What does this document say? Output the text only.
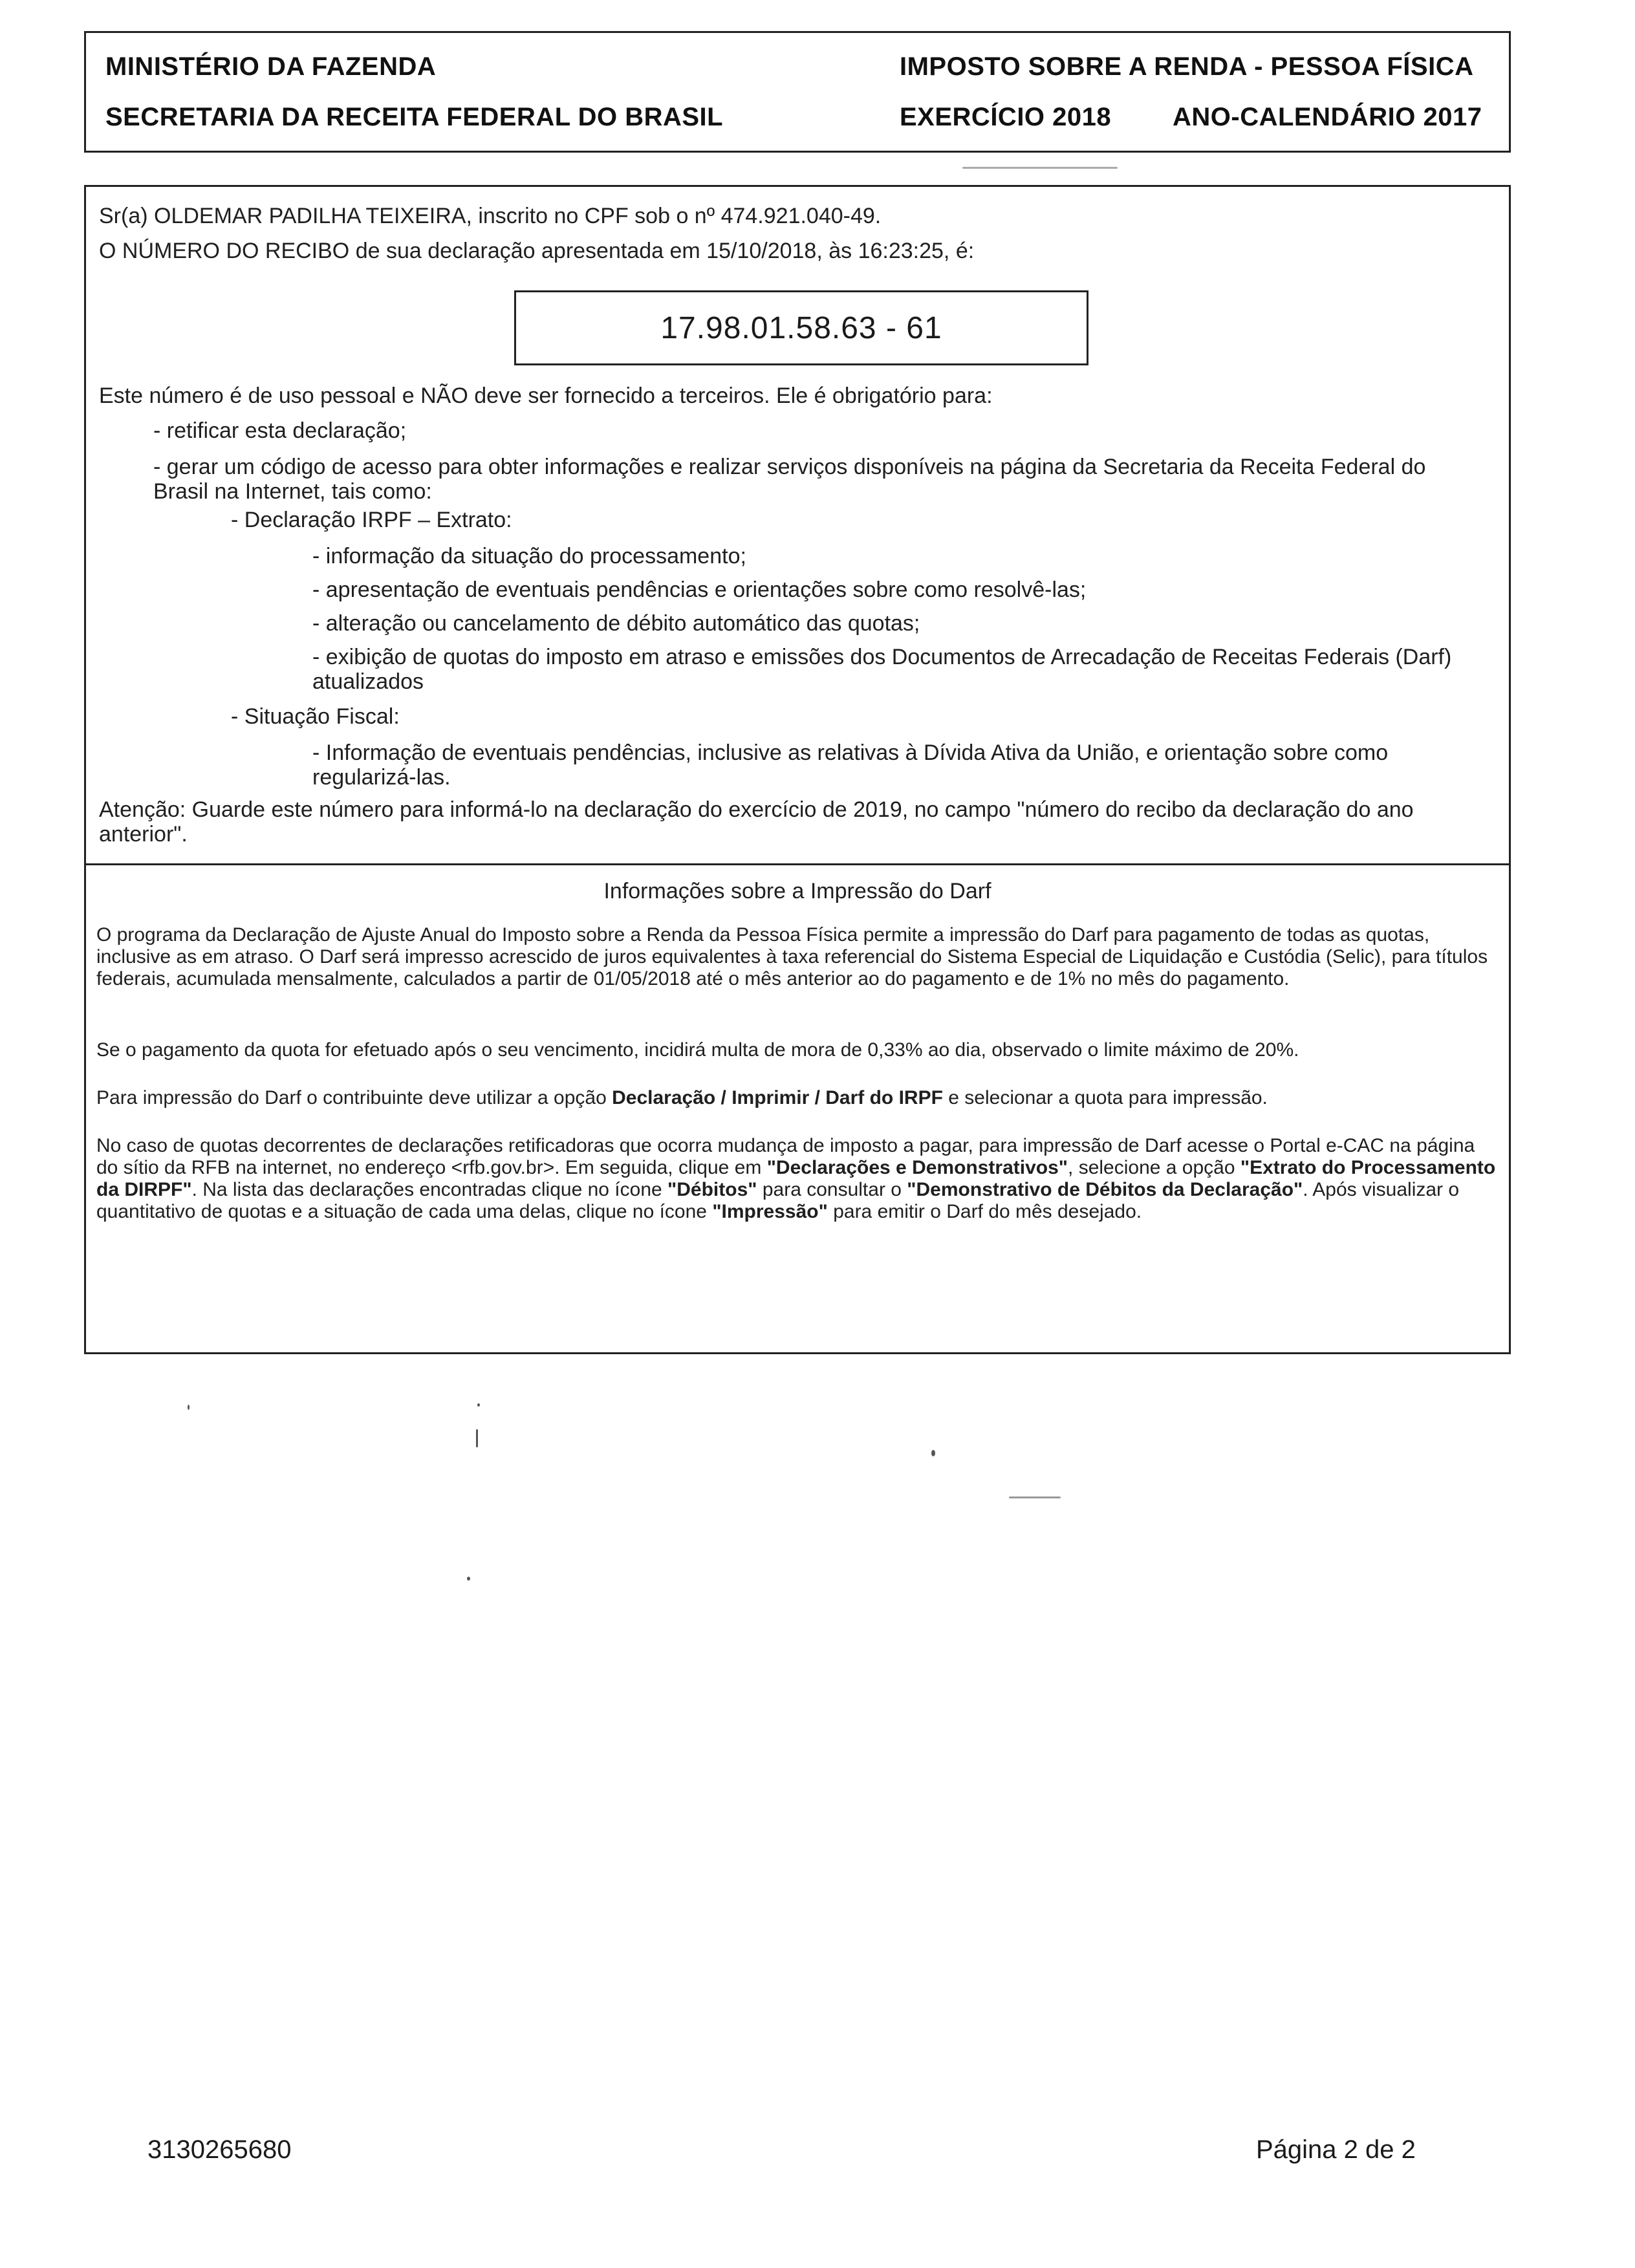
MINISTÉRIO DA FAZENDA
SECRETARIA DA RECEITA FEDERAL DO BRASIL
IMPOSTO SOBRE A RENDA - PESSOA FÍSICA
EXERCÍCIO 2018 ANO-CALENDÁRIO 2017
Sr(a) OLDEMAR PADILHA TEIXEIRA, inscrito no CPF sob o nº 474.921.040-49.
O NÚMERO DO RECIBO de sua declaração apresentada em 15/10/2018, às 16:23:25, é:
17.98.01.58.63 - 61
Este número é de uso pessoal e NÃO deve ser fornecido a terceiros. Ele é obrigatório para:
- retificar esta declaração;
- gerar um código de acesso para obter informações e realizar serviços disponíveis na página da Secretaria da Receita Federal do Brasil na Internet, tais como:
- Declaração IRPF – Extrato:
- informação da situação do processamento;
- apresentação de eventuais pendências e orientações sobre como resolvê-las;
- alteração ou cancelamento de débito automático das quotas;
- exibição de quotas do imposto em atraso e emissões dos Documentos de Arrecadação de Receitas Federais (Darf) atualizados
- Situação Fiscal:
- Informação de eventuais pendências, inclusive as relativas à Dívida Ativa da União, e orientação sobre como regularizá-las.
Atenção: Guarde este número para informá-lo na declaração do exercício de 2019, no campo "número do recibo da declaração do ano anterior".
Informações sobre a Impressão do Darf
O programa da Declaração de Ajuste Anual do Imposto sobre a Renda da Pessoa Física permite a impressão do Darf para pagamento de todas as quotas, inclusive as em atraso. O Darf será impresso acrescido de juros equivalentes à taxa referencial do Sistema Especial de Liquidação e Custódia (Selic), para títulos federais, acumulada mensalmente, calculados a partir de 01/05/2018 até o mês anterior ao do pagamento e de 1% no mês do pagamento.
Se o pagamento da quota for efetuado após o seu vencimento, incidirá multa de mora de 0,33% ao dia, observado o limite máximo de 20%.
Para impressão do Darf o contribuinte deve utilizar a opção Declaração / Imprimir / Darf do IRPF e selecionar a quota para impressão.
No caso de quotas decorrentes de declarações retificadoras que ocorra mudança de imposto a pagar, para impressão de Darf acesse o Portal e-CAC na página do sítio da RFB na internet, no endereço <rfb.gov.br>. Em seguida, clique em "Declarações e Demonstrativos", selecione a opção "Extrato do Processamento da DIRPF". Na lista das declarações encontradas clique no ícone "Débitos" para consultar o "Demonstrativo de Débitos da Declaração". Após visualizar o quantitativo de quotas e a situação de cada uma delas, clique no ícone "Impressão" para emitir o Darf do mês desejado.
3130265680	Página 2 de 2
